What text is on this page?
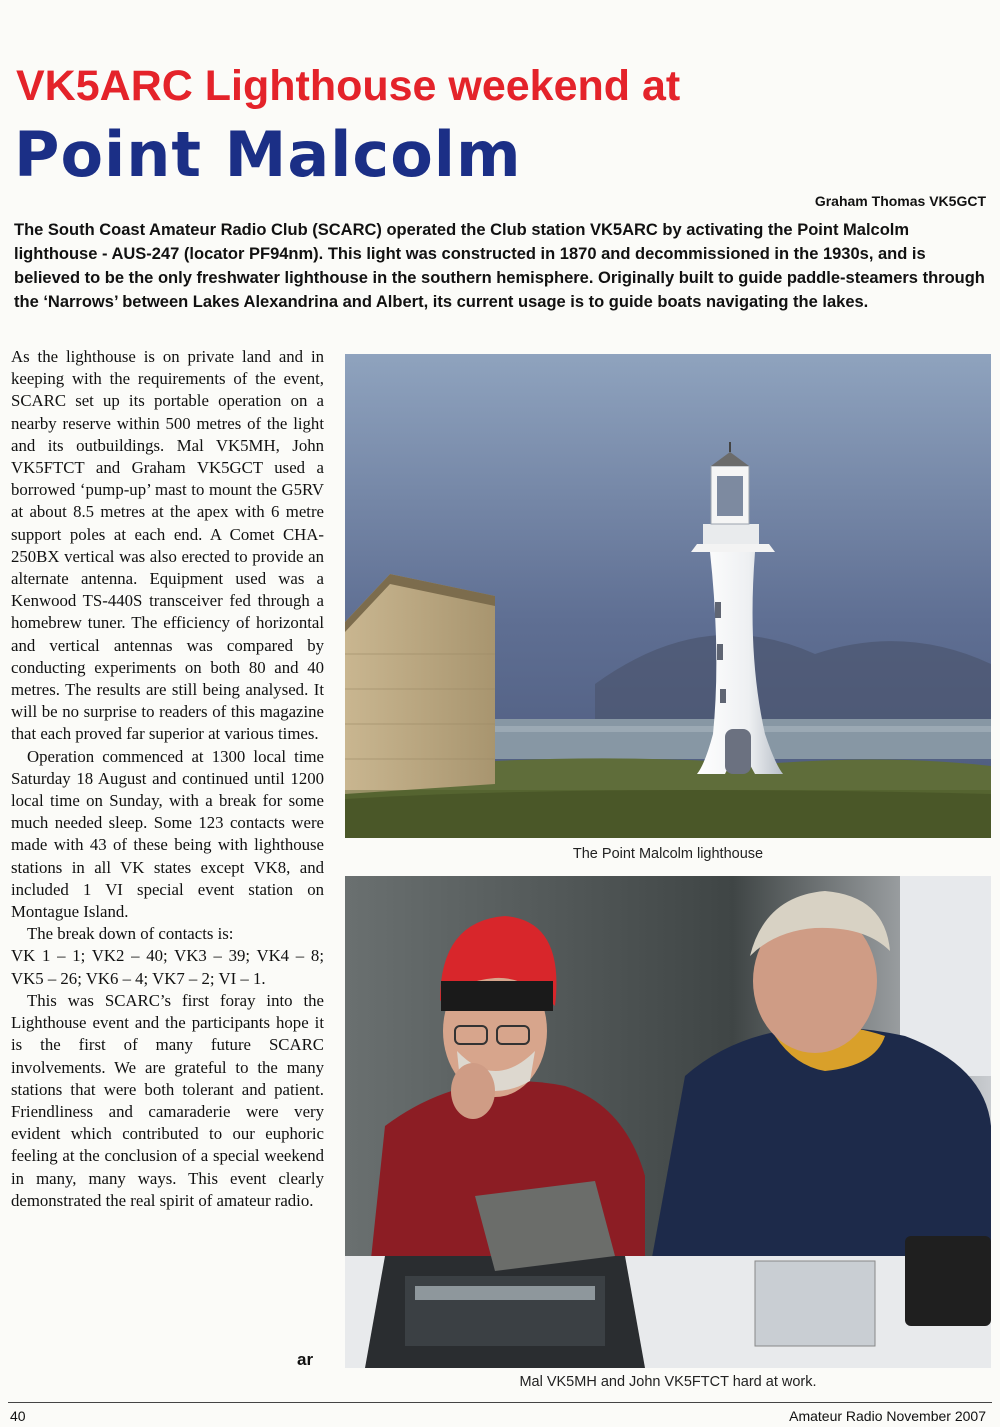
VK5ARC Lighthouse weekend at
Point Malcolm
Graham Thomas VK5GCT

The South Coast Amateur Radio Club (SCARC) operated the Club station VK5ARC by activating the Point Malcolm lighthouse - AUS-247 (locator PF94nm). This light was constructed in 1870 and decommissioned in the 1930s, and is believed to be the only freshwater lighthouse in the southern hemisphere. Originally built to guide paddle-steamers through the ‘Narrows’ between Lakes Alexandrina and Albert, its current usage is to guide boats navigating the lakes.

As the lighthouse is on private land and in keeping with the requirements of the event, SCARC set up its portable operation on a nearby reserve within 500 metres of the light and its outbuildings. Mal VK5MH, John VK5FTCT and Graham VK5GCT used a borrowed ‘pump-up’ mast to mount the G5RV at about 8.5 metres at the apex with 6 metre support poles at each end. A Comet CHA-250BX vertical was also erected to provide an alternate antenna. Equipment used was a Kenwood TS-440S transceiver fed through a homebrew tuner. The efficiency of horizontal and vertical antennas was compared by conducting experiments on both 80 and 40 metres. The results are still being analysed. It will be no surprise to readers of this magazine that each proved far superior at various times.

Operation commenced at 1300 local time Saturday 18 August and continued until 1200 local time on Sunday, with a break for some much needed sleep. Some 123 contacts were made with 43 of these being with lighthouse stations in all VK states except VK8, and included 1 VI special event station on Montague Island.

The break down of contacts is:

VK 1 – 1; VK2 – 40; VK3 – 39; VK4 – 8; VK5 – 26; VK6 – 4; VK7 – 2; VI – 1.

This was SCARC’s first foray into the Lighthouse event and the participants hope it is the first of many future SCARC involvements. We are grateful to the many stations that were both tolerant and patient. Friendliness and camaraderie were very evident which contributed to our euphoric feeling at the conclusion of a special weekend in many, many ways. This event clearly demonstrated the real spirit of amateur radio.

ar
The Point Malcolm lighthouse
Mal VK5MH and John VK5FTCT hard at work.
40	Amateur Radio November 2007
